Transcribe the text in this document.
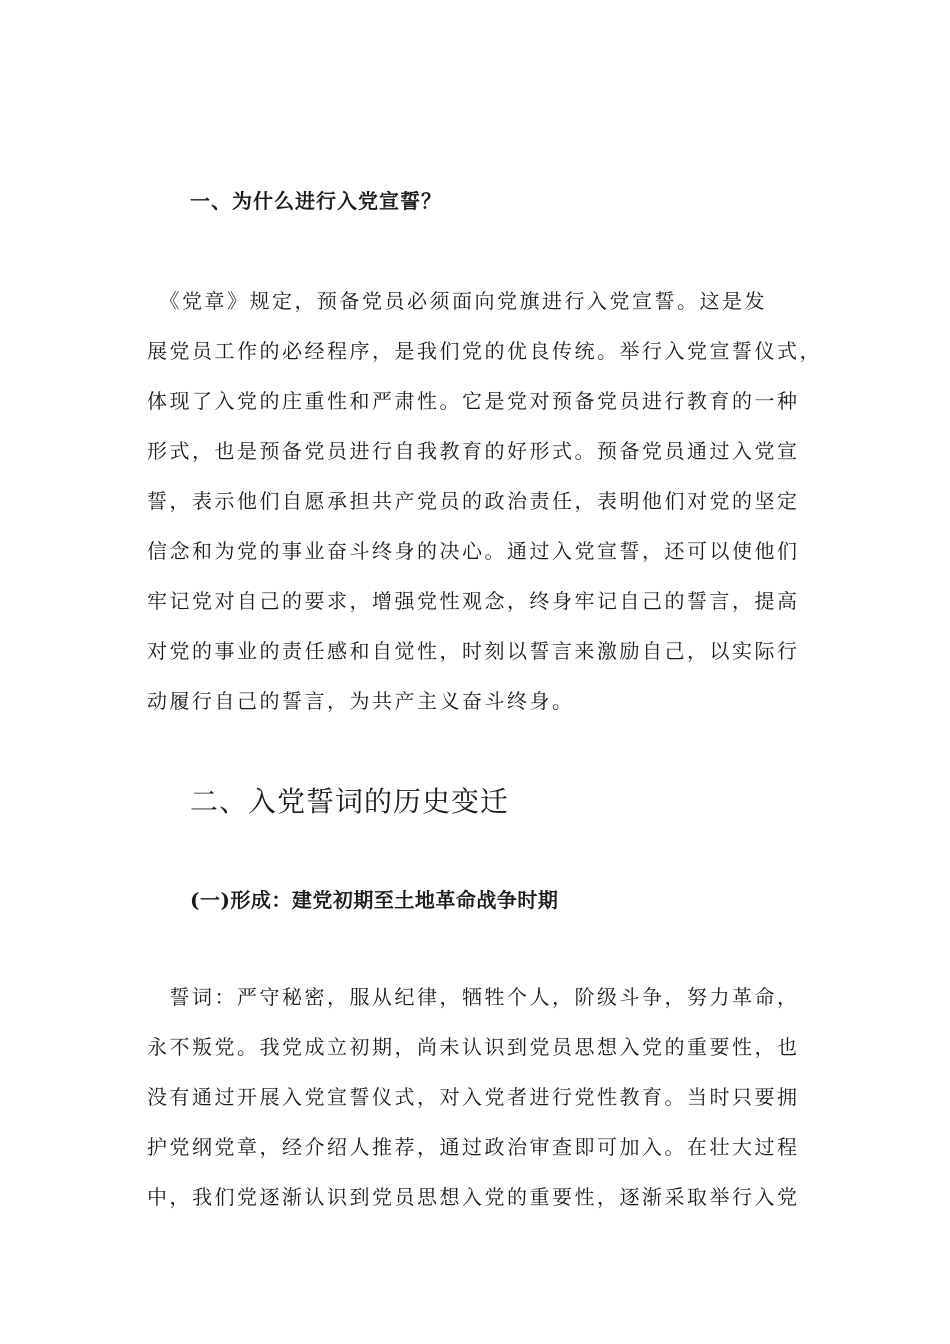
一、为什么进行入党宣誓？
　《党章》规定，预备党员必须面向党旗进行入党宣誓。这是发
展党员工作的必经程序，是我们党的优良传统。举行入党宣誓仪式，
体现了入党的庄重性和严肃性。它是党对预备党员进行教育的一种
形式，也是预备党员进行自我教育的好形式。预备党员通过入党宣
誓，表示他们自愿承担共产党员的政治责任，表明他们对党的坚定
信念和为党的事业奋斗终身的决心。通过入党宣誓，还可以使他们
牢记党对自己的要求，增强党性观念，终身牢记自己的誓言，提高
对党的事业的责任感和自觉性，时刻以誓言来激励自己，以实际行
动履行自己的誓言，为共产主义奋斗终身。
二、入党誓词的历史变迁
(一)形成：建党初期至土地革命战争时期
　誓词：严守秘密，服从纪律，牺牲个人，阶级斗争，努力革命，
永不叛党。我党成立初期，尚未认识到党员思想入党的重要性，也
没有通过开展入党宣誓仪式，对入党者进行党性教育。当时只要拥
护党纲党章，经介绍人推荐，通过政治审查即可加入。在壮大过程
中，我们党逐渐认识到党员思想入党的重要性，逐渐采取举行入党
